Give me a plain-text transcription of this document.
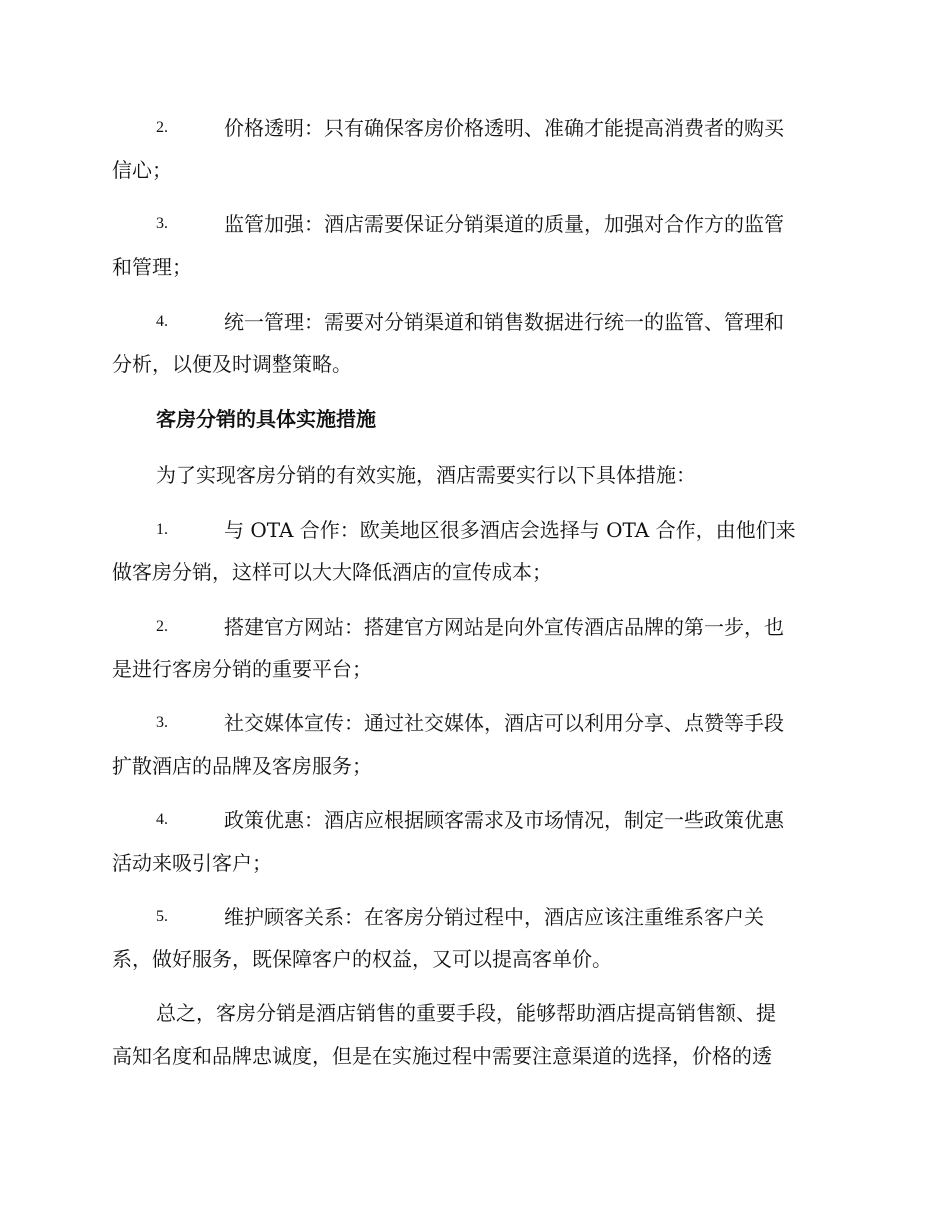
2.	价格透明：只有确保客房价格透明、准确才能提高消费者的购买
信心；
3.	监管加强：酒店需要保证分销渠道的质量，加强对合作方的监管
和管理；
4.	统一管理：需要对分销渠道和销售数据进行统一的监管、管理和
分析，以便及时调整策略。
客房分销的具体实施措施
为了实现客房分销的有效实施，酒店需要实行以下具体措施：
1.	与 OTA 合作：欧美地区很多酒店会选择与 OTA 合作，由他们来
做客房分销，这样可以大大降低酒店的宣传成本；
2.	搭建官方网站：搭建官方网站是向外宣传酒店品牌的第一步，也
是进行客房分销的重要平台；
3.	社交媒体宣传：通过社交媒体，酒店可以利用分享、点赞等手段
扩散酒店的品牌及客房服务；
4.	政策优惠：酒店应根据顾客需求及市场情况，制定一些政策优惠
活动来吸引客户；
5.	维护顾客关系：在客房分销过程中，酒店应该注重维系客户关
系，做好服务，既保障客户的权益，又可以提高客单价。
总之，客房分销是酒店销售的重要手段，能够帮助酒店提高销售额、提
高知名度和品牌忠诚度，但是在实施过程中需要注意渠道的选择，价格的透
